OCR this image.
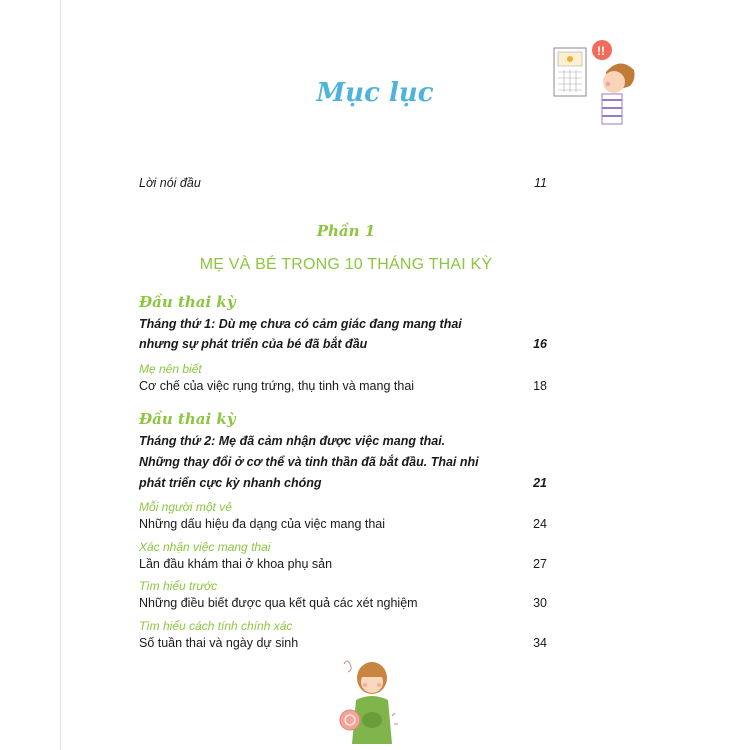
!!
Mục lục
Lời nói đầu	11
Phần 1
MẸ VÀ BÉ TRONG 10 THÁNG THAI KỲ
Đầu thai kỳ
Tháng thứ 1: Dù mẹ chưa có cảm giác đang mang thai
nhưng sự phát triển của bé đã bắt đầu	16
Mẹ nên biết
Cơ chế của việc rụng trứng, thụ tinh và mang thai	18
Đầu thai kỳ
Tháng thứ 2: Mẹ đã cảm nhận được việc mang thai.
Những thay đổi ở cơ thể và tinh thần đã bắt đầu. Thai nhi
phát triển cực kỳ nhanh chóng	21
Mỗi người một vẻ
Những dấu hiệu đa dạng của việc mang thai	24
Xác nhận việc mang thai
Lần đầu khám thai ở khoa phụ sản	27
Tìm hiểu trước
Những điều biết được qua kết quả các xét nghiệm	30
Tìm hiểu cách tính chính xác
Số tuần thai và ngày dự sinh	34
